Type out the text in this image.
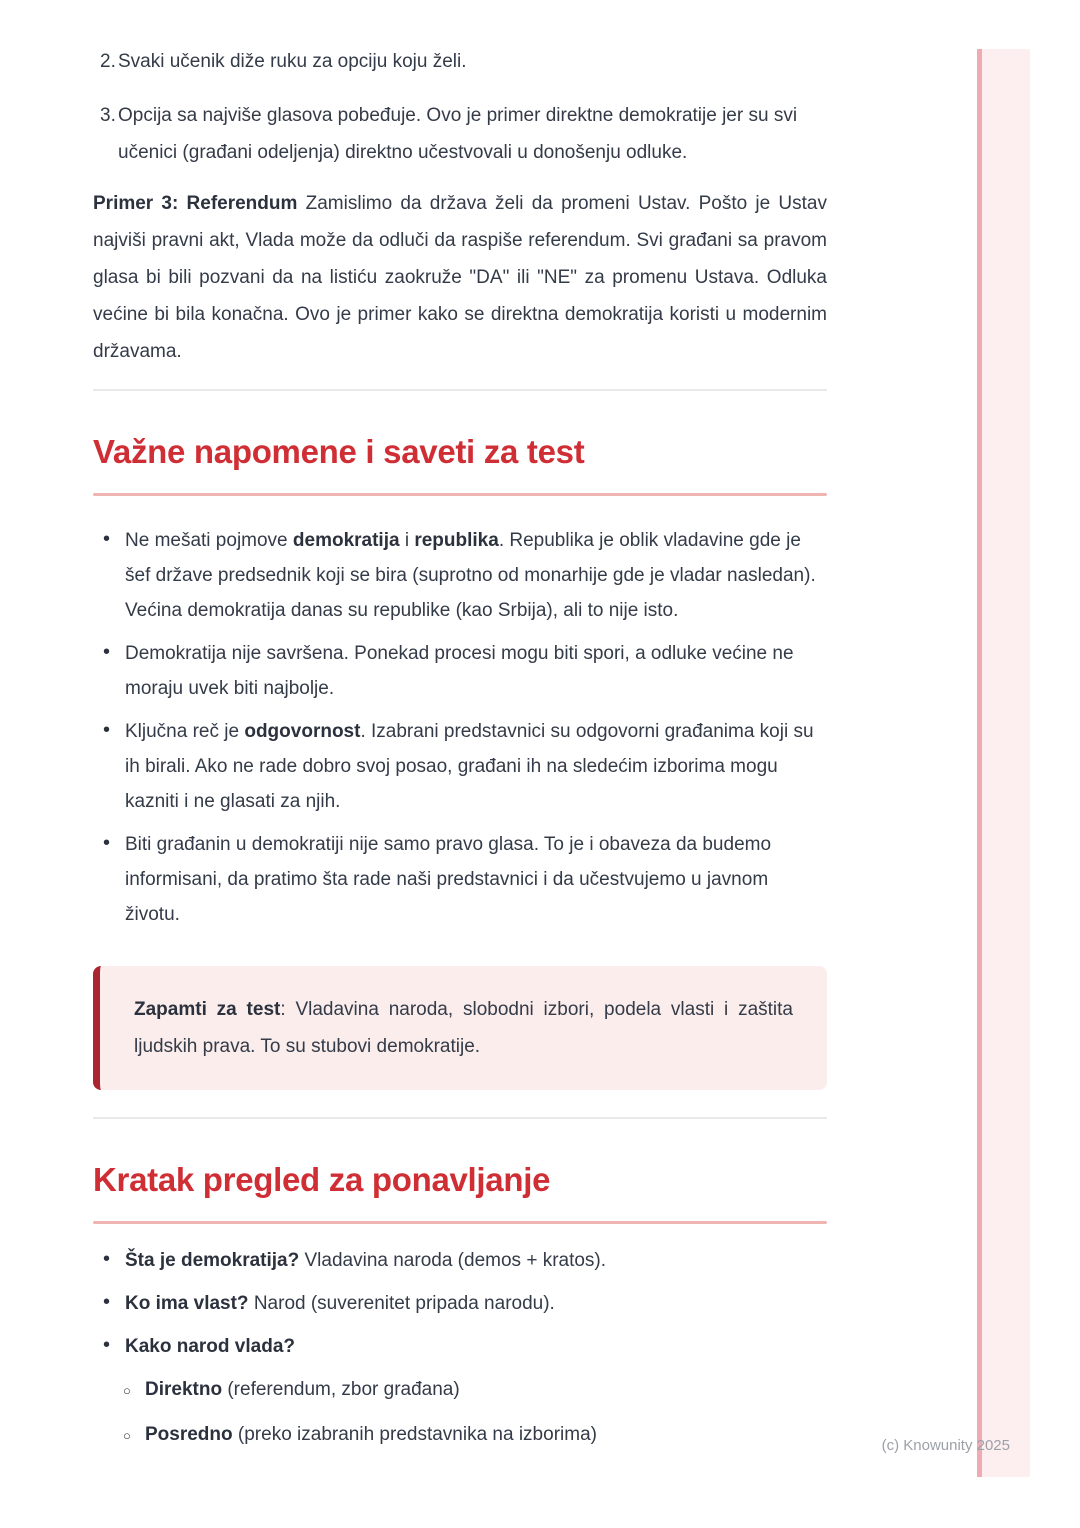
2. Svaki učenik diže ruku za opciju koju želi.
3. Opcija sa najviše glasova pobeđuje. Ovo je primer direktne demokratije jer su svi učenici (građani odeljenja) direktno učestvovali u donošenju odluke.

Primer 3: Referendum Zamislimo da država želi da promeni Ustav. Pošto je Ustav najviši pravni akt, Vlada može da odluči da raspiše referendum. Svi građani sa pravom glasa bi bili pozvani da na listiću zaokruže "DA" ili "NE" za promenu Ustava. Odluka većine bi bila konačna. Ovo je primer kako se direktna demokratija koristi u modernim državama.

Važne napomene i saveti za test
• Ne mešati pojmove demokratija i republika. Republika je oblik vladavine gde je šef države predsednik koji se bira (suprotno od monarhije gde je vladar nasledan). Većina demokratija danas su republike (kao Srbija), ali to nije isto.
• Demokratija nije savršena. Ponekad procesi mogu biti spori, a odluke većine ne moraju uvek biti najbolje.
• Ključna reč je odgovornost. Izabrani predstavnici su odgovorni građanima koji su ih birali. Ako ne rade dobro svoj posao, građani ih na sledećim izborima mogu kazniti i ne glasati za njih.
• Biti građanin u demokratiji nije samo pravo glasa. To je i obaveza da budemo informisani, da pratimo šta rade naši predstavnici i da učestvujemo u javnom životu.

Zapamti za test: Vladavina naroda, slobodni izbori, podela vlasti i zaštita ljudskih prava. To su stubovi demokratije.

Kratak pregled za ponavljanje
• Šta je demokratija? Vladavina naroda (demos + kratos).
• Ko ima vlast? Narod (suverenitet pripada narodu).
• Kako narod vlada?
○ Direktno (referendum, zbor građana)
○ Posredno (preko izabranih predstavnika na izborima)
(c) Knowunity 2025
